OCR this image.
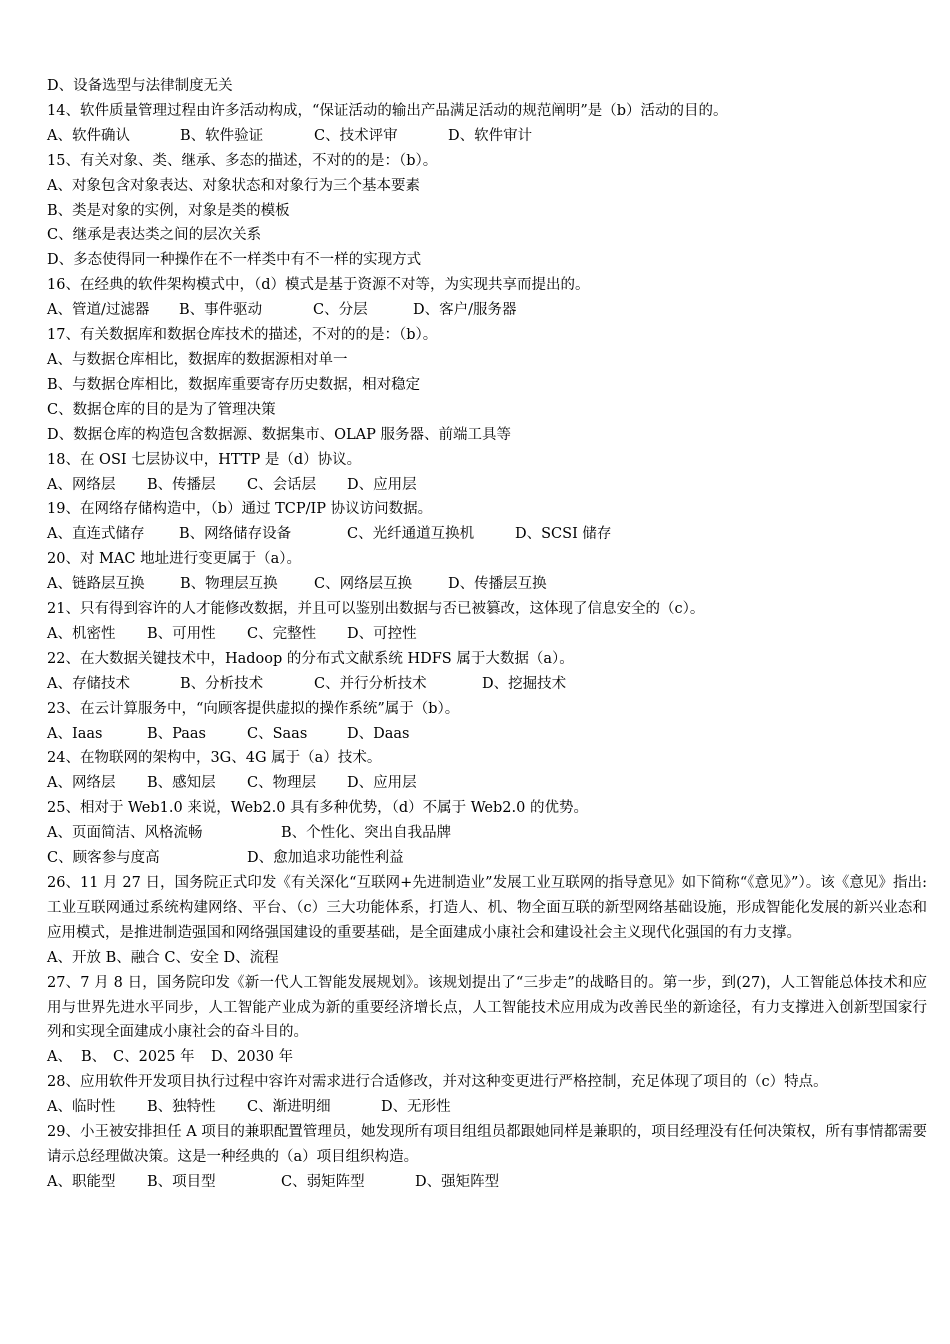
D、设备选型与法律制度无关
14、软件质量管理过程由许多活动构成，“保证活动的输出产品满足活动的规范阐明”是（b）活动的目的。
A、软件确认	B、软件验证	C、技术评审	D、软件审计
15、有关对象、类、继承、多态的描述，不对的的是：（b）。
A、对象包含对象表达、对象状态和对象行为三个基本要素
B、类是对象的实例，对象是类的模板
C、继承是表达类之间的层次关系
D、多态使得同一种操作在不一样类中有不一样的实现方式
16、在经典的软件架构模式中，（d）模式是基于资源不对等，为实现共享而提出的。
A、管道/过滤器 B、事件驱动	C、分层	D、客户/服务器
17、有关数据库和数据仓库技术的描述，不对的的是：（b）。
A、与数据仓库相比，数据库的数据源相对单一
B、与数据仓库相比，数据库重要寄存历史数据，相对稳定
C、数据仓库的目的是为了管理决策
D、数据仓库的构造包含数据源、数据集市、OLAP 服务器、前端工具等
18、在 OSI 七层协议中，HTTP 是（d）协议。
A、网络层 B、传播层 C、会话层 D、应用层
19、在网络存储构造中，（b）通过 TCP/IP 协议访问数据。
A、直连式储存 B、网络储存设备	C、光纤通道互换机	D、SCSI 储存
20、对 MAC 地址进行变更属于（a）。
A、链路层互换 B、物理层互换	C、网络层互换 D、传播层互换
21、只有得到容许的人才能修改数据，并且可以鉴别出数据与否已被篡改，这体现了信息安全的（c）。
A、机密性 B、可用性 C、完整性 D、可控性
22、在大数据关键技术中，Hadoop 的分布式文献系统 HDFS 属于大数据（a）。
A、存储技术	B、分析技术	C、并行分析技术	D、挖掘技术
23、在云计算服务中，“向顾客提供虚拟的操作系统”属于（b）。
A、Iaas	B、Paas	C、Saas	D、Daas
24、在物联网的架构中，3G、4G 属于（a）技术。
A、网络层 B、感知层 C、物理层 D、应用层
25、相对于 Web1.0 来说，Web2.0 具有多种优势，（d）不属于 Web2.0 的优势。
A、页面简洁、风格流畅	B、个性化、突出自我品牌
C、顾客参与度高	D、愈加追求功能性利益
26、11 月 27 日，国务院正式印发《有关深化“互联网+先进制造业”发展工业互联网的指导意见》如下简称“《意见》”）。该《意见》指出:工业互联网通过系统构建网络、平台、（c）三大功能体系，打造人、机、物全面互联的新型网络基础设施，形成智能化发展的新兴业态和应用模式，是推进制造强国和网络强国建设的重要基础，是全面建成小康社会和建设社会主义现代化强国的有力支撑。
A、开放 B、融合 C、安全 D、流程
27、7 月 8 日，国务院印发《新一代人工智能发展规划》。该规划提出了“三步走”的战略目的。第一步，到(27)，人工智能总体技术和应用与世界先进水平同步，人工智能产业成为新的重要经济增长点，人工智能技术应用成为改善民坐的新途径，有力支撑进入创新型国家行列和实现全面建成小康社会的奋斗目的。
A、 B、 C、2025 年 D、2030 年
28、应用软件开发项目执行过程中容许对需求进行合适修改，并对这种变更进行严格控制，充足体现了项目的（c）特点。
A、临时性 B、独特性 C、渐进明细	D、无形性
29、小王被安排担任 A 项目的兼职配置管理员，她发现所有项目组组员都跟她同样是兼职的，项目经理没有任何决策权，所有事情都需要请示总经理做决策。这是一种经典的（a）项目组织构造。
A、职能型 B、项目型	C、弱矩阵型	D、强矩阵型
